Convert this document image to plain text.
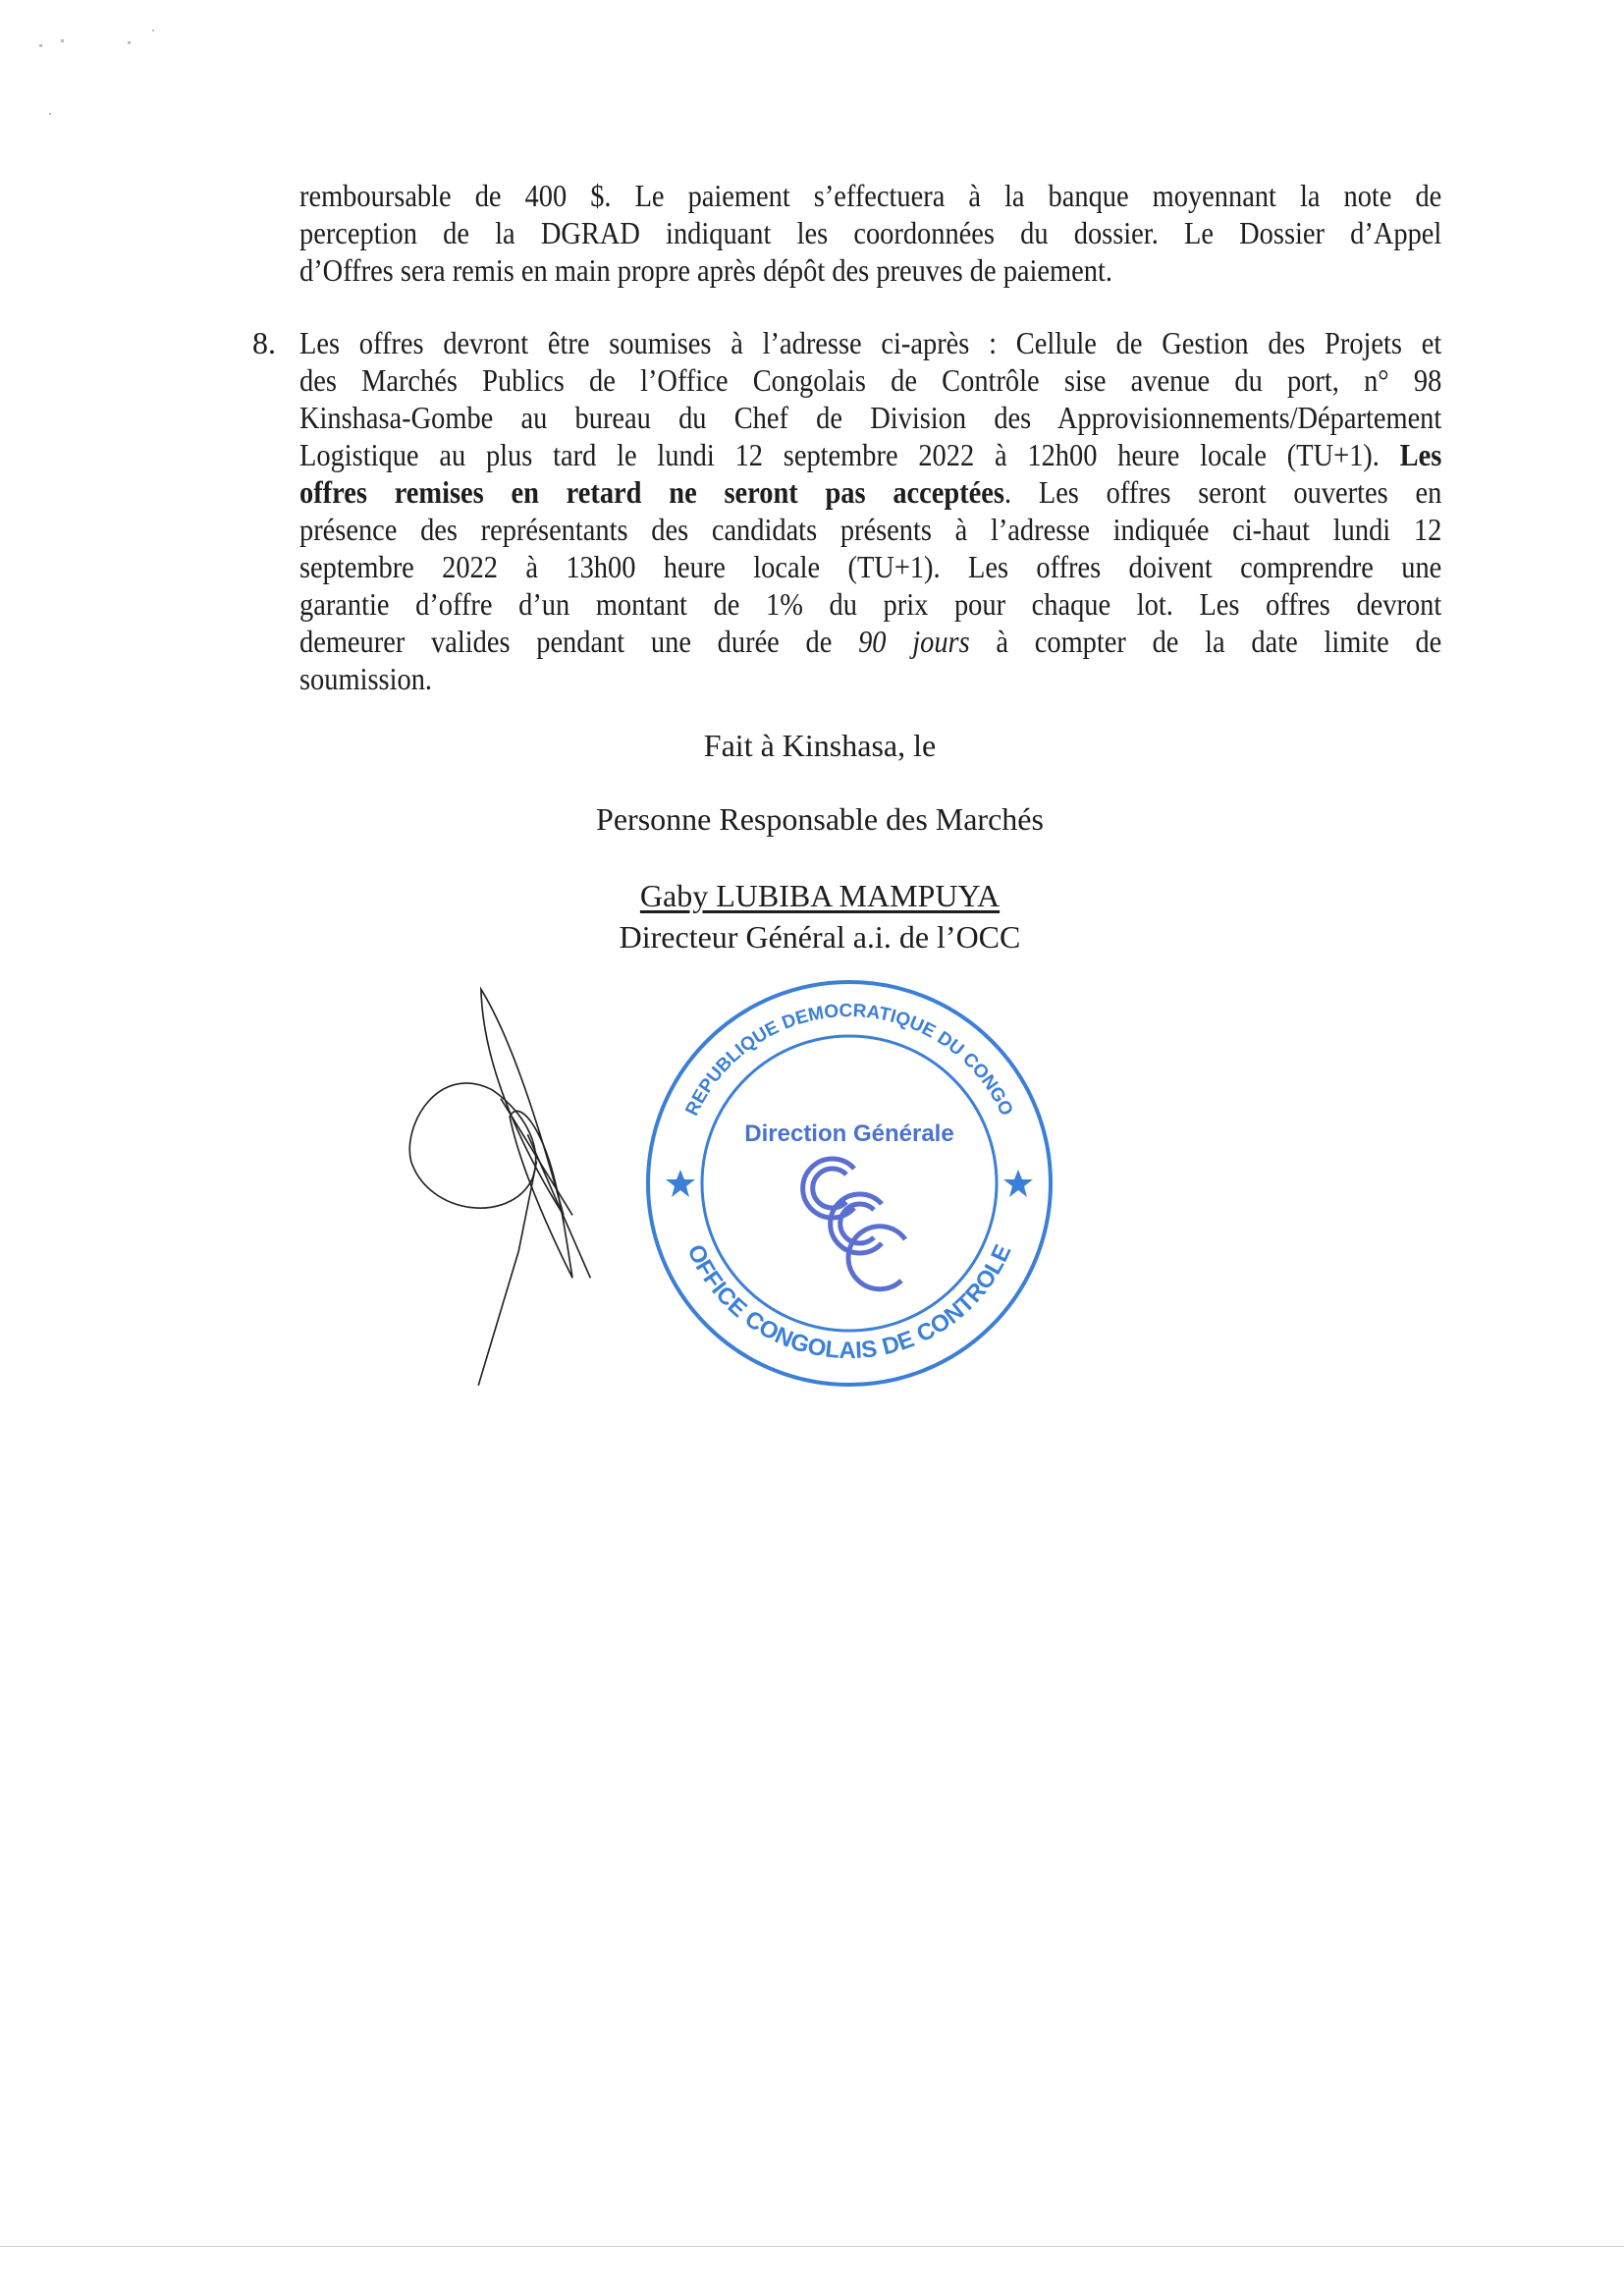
remboursable de 400 $. Le paiement s’effectuera à la banque moyennant la note de
perception de la DGRAD indiquant les coordonnées du dossier. Le Dossier d’Appel
d’Offres sera remis en main propre après dépôt des preuves de paiement.
8. Les offres devront être soumises à l’adresse ci-après : Cellule de Gestion des Projets et
des Marchés Publics de l’Office Congolais de Contrôle sise avenue du port, n° 98
Kinshasa-Gombe au bureau du Chef de Division des Approvisionnements/Département
Logistique au plus tard le lundi 12 septembre 2022 à 12h00 heure locale (TU+1). Les
offres remises en retard ne seront pas acceptées. Les offres seront ouvertes en
présence des représentants des candidats présents à l’adresse indiquée ci-haut lundi 12
septembre 2022 à 13h00 heure locale (TU+1). Les offres doivent comprendre une
garantie d’offre d’un montant de 1% du prix pour chaque lot. Les offres devront
demeurer valides pendant une durée de 90 jours à compter de la date limite de
soumission.
Fait à Kinshasa, le
Personne Responsable des Marchés
Gaby LUBIBA MAMPUYA
Directeur Général a.i. de l’OCC
REPUBLIQUE DEMOCRATIQUE DU CONGO
OFFICE CONGOLAIS DE CONTROLE
Direction Générale
